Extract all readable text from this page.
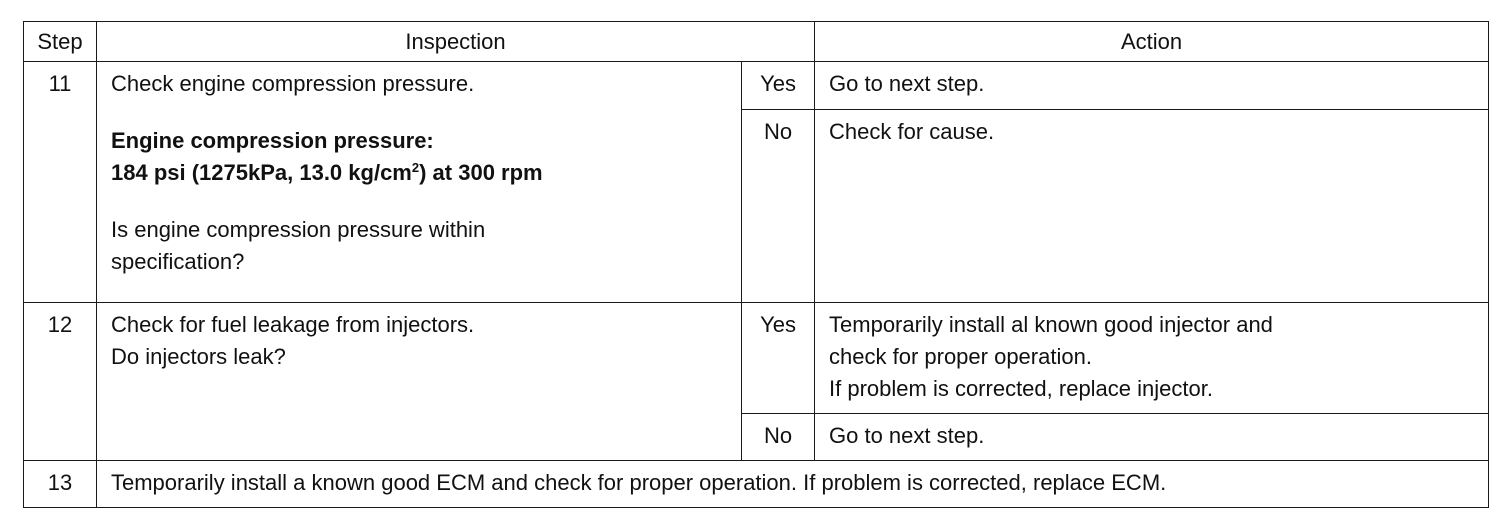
Step	Inspection		Action
11	Check engine compression pressure.
Engine compression pressure:
184 psi (1275kPa, 13.0 $kg/cm^2$) at 300 rpm
Is engine compression pressure within
specification?	Yes	Go to next step.
		No	Check for cause.
12	Check for fuel leakage from injectors.
Do injectors leak?	Yes	Temporarily install al known good injector and
check for proper operation.
If problem is corrected, replace injector.

		No	Go to next step.
13	Temporarily install a known good ECM and check for proper operation. If problem is corrected, replace ECM.		
